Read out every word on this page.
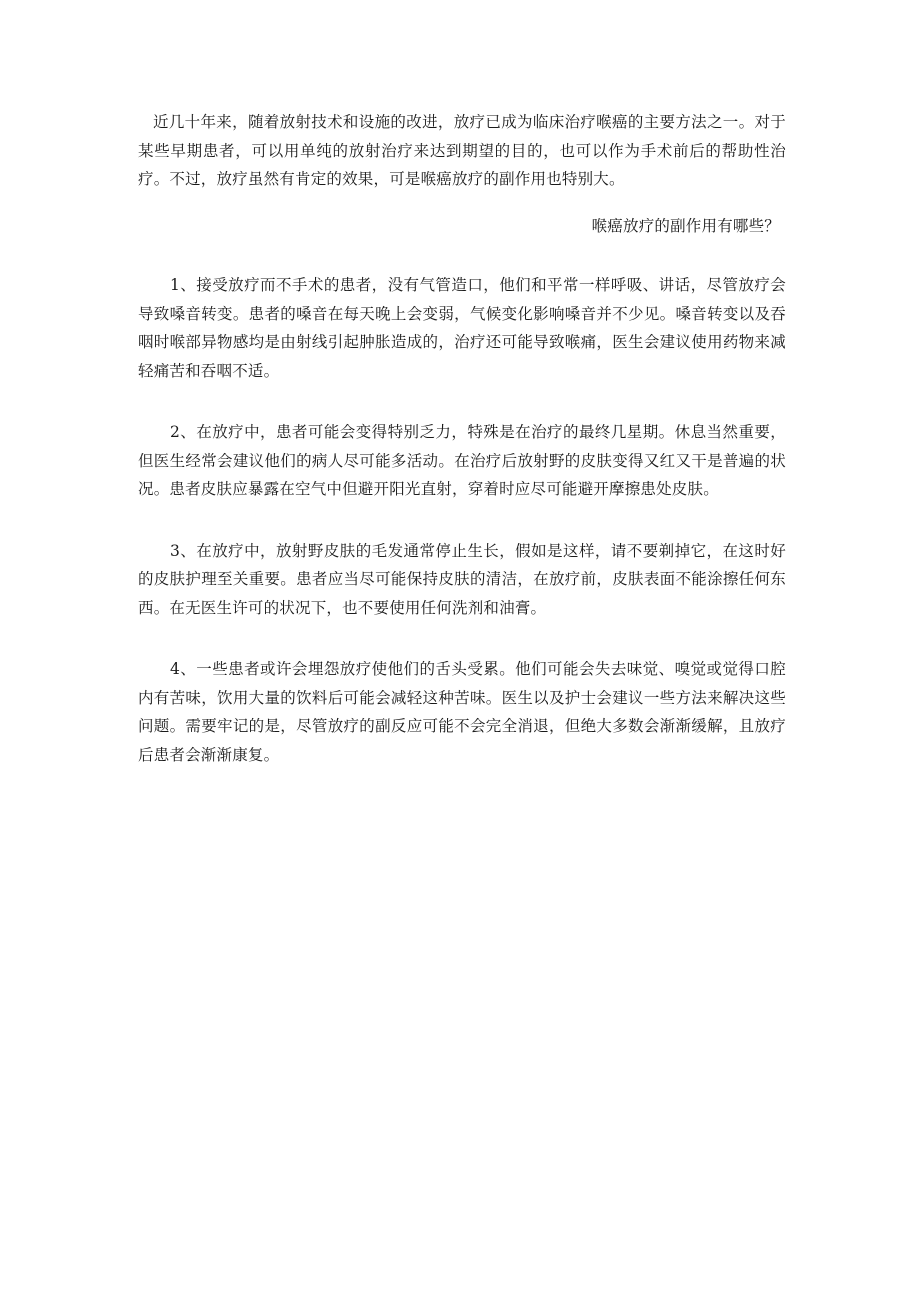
近几十年来，随着放射技术和设施的改进，放疗已成为临床治疗喉癌的主要方法之一。对于某些早期患者，可以用单纯的放射治疗来达到期望的目的，也可以作为手术前后的帮助性治疗。不过，放疗虽然有肯定的效果，可是喉癌放疗的副作用也特别大。

喉癌放疗的副作用有哪些？

1、接受放疗而不手术的患者，没有气管造口，他们和平常一样呼吸、讲话，尽管放疗会导致嗓音转变。患者的嗓音在每天晚上会变弱，气候变化影响嗓音并不少见。嗓音转变以及吞咽时喉部异物感均是由射线引起肿胀造成的，治疗还可能导致喉痛，医生会建议使用药物来减轻痛苦和吞咽不适。

2、在放疗中，患者可能会变得特别乏力，特殊是在治疗的最终几星期。休息当然重要，但医生经常会建议他们的病人尽可能多活动。在治疗后放射野的皮肤变得又红又干是普遍的状况。患者皮肤应暴露在空气中但避开阳光直射，穿着时应尽可能避开摩擦患处皮肤。

3、在放疗中，放射野皮肤的毛发通常停止生长，假如是这样，请不要剃掉它，在这时好的皮肤护理至关重要。患者应当尽可能保持皮肤的清洁，在放疗前，皮肤表面不能涂擦任何东西。在无医生许可的状况下，也不要使用任何洗剂和油膏。

4、一些患者或许会埋怨放疗使他们的舌头受累。他们可能会失去味觉、嗅觉或觉得口腔内有苦味，饮用大量的饮料后可能会减轻这种苦味。医生以及护士会建议一些方法来解决这些问题。需要牢记的是，尽管放疗的副反应可能不会完全消退，但绝大多数会渐渐缓解，且放疗后患者会渐渐康复。
